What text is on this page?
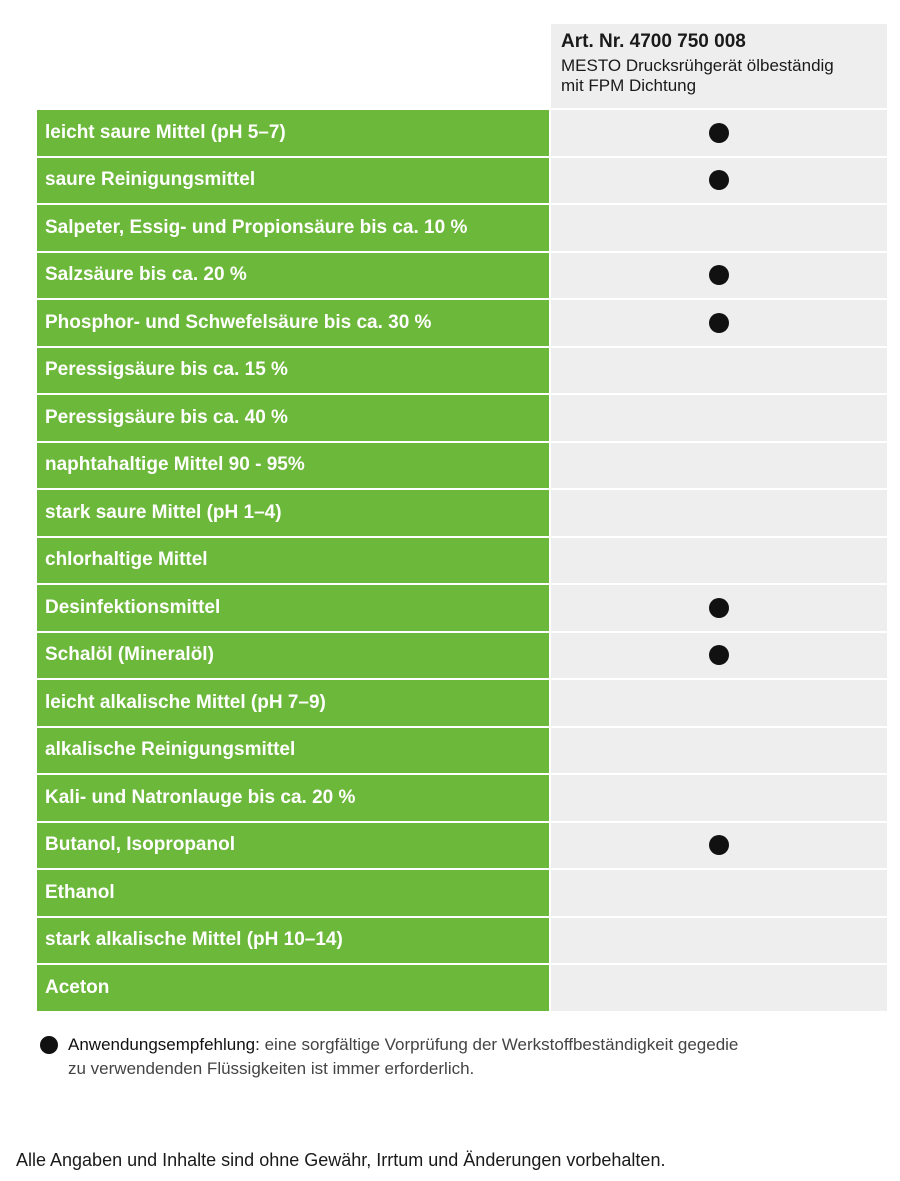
Art. Nr. 4700 750 008
MESTO Drucksrühgerät ölbeständig
mit FPM Dichtung
leicht saure Mittel (pH 5–7)
saure Reinigungsmittel
Salpeter, Essig- und Propionsäure bis ca. 10 %
Salzsäure bis ca. 20 %
Phosphor- und Schwefelsäure bis ca. 30 %
Peressigsäure bis ca. 15 %
Peressigsäure bis ca. 40 %
naphtahaltige Mittel 90 - 95%
stark saure Mittel (pH 1–4)
chlorhaltige Mittel
Desinfektionsmittel
Schalöl (Mineralöl)
leicht alkalische Mittel (pH 7–9)
alkalische Reinigungsmittel
Kali- und Natronlauge bis ca. 20 %
Butanol, Isopropanol
Ethanol
stark alkalische Mittel (pH 10–14)
Aceton
Anwendungsempfehlung: eine sorgfältige Vorprüfung der Werkstoffbeständigkeit gegedie
zu verwendenden Flüssigkeiten ist immer erforderlich.
Alle Angaben und Inhalte sind ohne Gewähr, Irrtum und Änderungen vorbehalten.
